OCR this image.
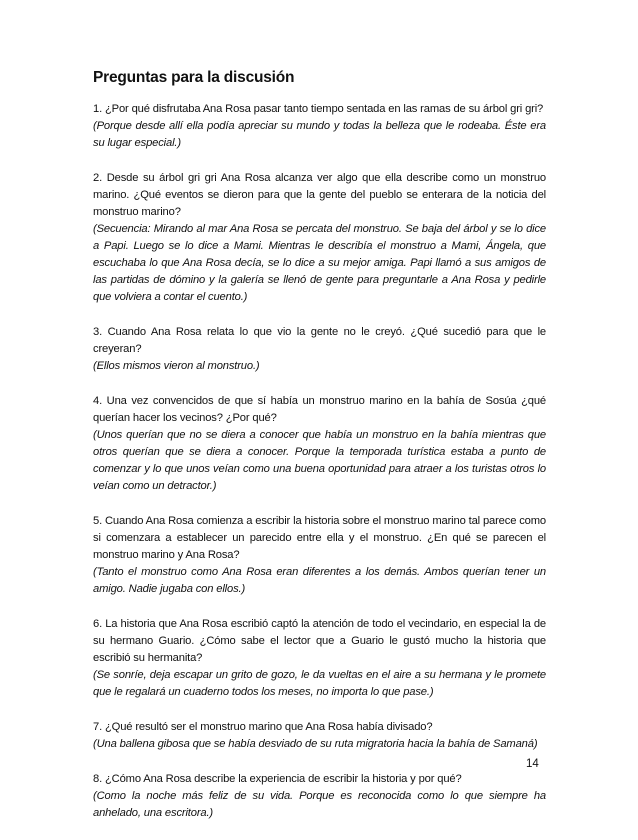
Preguntas para la discusión

1. ¿Por qué disfrutaba Ana Rosa pasar tanto tiempo sentada en las ramas de su árbol gri gri?

(Porque desde allí ella podía apreciar su mundo y todas la belleza que le rodeaba. Éste era su lugar especial.)

2. Desde su árbol gri gri Ana Rosa alcanza ver algo que ella describe como un monstruo marino. ¿Qué eventos se dieron para que la gente del pueblo se enterara de la noticia del monstruo marino?

(Secuencia: Mirando al mar Ana Rosa se percata del monstruo. Se baja del árbol y se lo dice a Papi. Luego se lo dice a Mami. Mientras le describía el monstruo a Mami, Ángela, que escuchaba lo que Ana Rosa decía, se lo dice a su mejor amiga. Papi llamó a sus amigos de las partidas de dómino y la galería se llenó de gente para preguntarle a Ana Rosa y pedirle que volviera a contar el cuento.)

3. Cuando Ana Rosa relata lo que vio la gente no le creyó. ¿Qué sucedió para que le creyeran?

(Ellos mismos vieron al monstruo.)

4. Una vez convencidos de que sí había un monstruo marino en la bahía de Sosúa ¿qué querían hacer los vecinos? ¿Por qué?

(Unos querían que no se diera a conocer que había un monstruo en la bahía mientras que otros querían que se diera a conocer. Porque la temporada turística estaba a punto de comenzar y lo que unos veían como una buena oportunidad para atraer a los turistas otros lo veían como un detractor.)

5. Cuando Ana Rosa comienza a escribir la historia sobre el monstruo marino tal parece como si comenzara a establecer un parecido entre ella y el monstruo. ¿En qué se parecen el monstruo marino y Ana Rosa?

(Tanto el monstruo como Ana Rosa eran diferentes a los demás. Ambos querían tener un amigo. Nadie jugaba con ellos.)

6. La historia que Ana Rosa escribió captó la atención de todo el vecindario, en especial la de su hermano Guario. ¿Cómo sabe el lector que a Guario le gustó mucho la historia que escribió su hermanita?

(Se sonríe, deja escapar un grito de gozo, le da vueltas en el aire a su hermana y le promete que le regalará un cuaderno todos los meses, no importa lo que pase.)

7. ¿Qué resultó ser el monstruo marino que Ana Rosa había divisado?

(Una ballena gibosa que se había desviado de su ruta migratoria hacia la bahía de Samaná)

8. ¿Cómo Ana Rosa describe la experiencia de escribir la historia y por qué?

(Como la noche más feliz de su vida. Porque es reconocida como lo que siempre ha anhelado, una escritora.)

14
